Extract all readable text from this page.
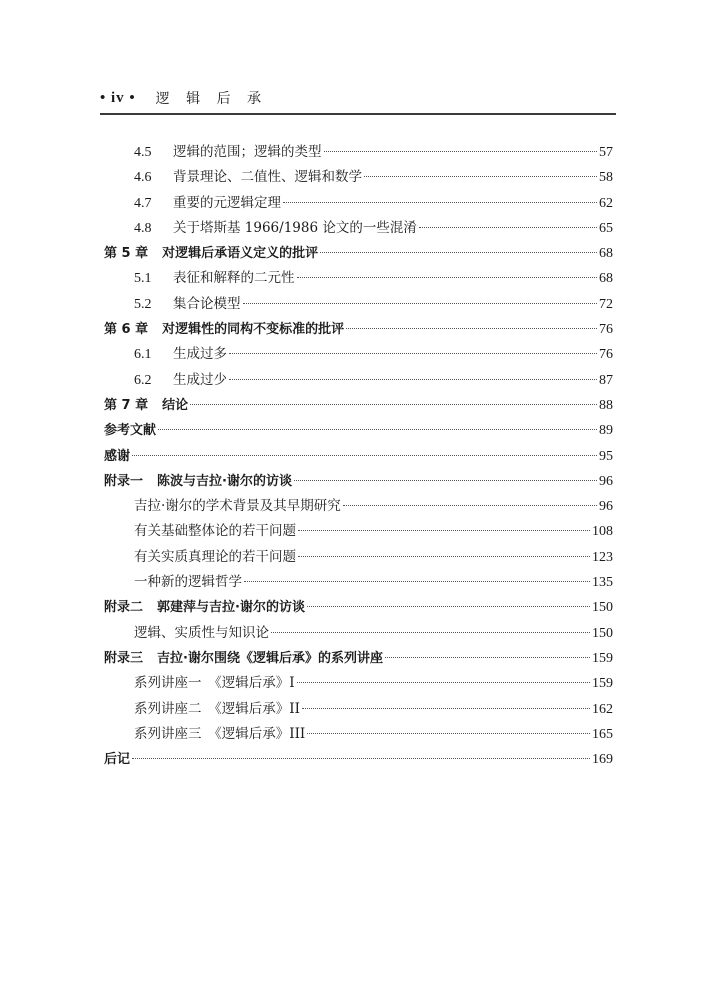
• iv • 逻 辑 后 承
4.5	逻辑的范围；逻辑的类型	57
4.6	背景理论、二值性、逻辑和数学	58
4.7	重要的元逻辑定理	62
4.8	关于塔斯基 1966/1986 论文的一些混淆	65
第 5 章 对逻辑后承语义定义的批评	68
5.1	表征和解释的二元性	68
5.2	集合论模型	72
第 6 章 对逻辑性的同构不变标准的批评	76
6.1	生成过多	76
6.2	生成过少	87
第 7 章 结论	88
参考文献	89
感谢	95
附录一 陈波与吉拉·谢尔的访谈	96
吉拉·谢尔的学术背景及其早期研究	96
有关基础整体论的若干问题	108
有关实质真理论的若干问题	123
一种新的逻辑哲学	135
附录二 郭建萍与吉拉·谢尔的访谈	150
逻辑、实质性与知识论	150
附录三 吉拉·谢尔围绕《逻辑后承》的系列讲座	159
系列讲座一　《逻辑后承》I	159
系列讲座二　《逻辑后承》II	162
系列讲座三　《逻辑后承》III	165
后记	169
